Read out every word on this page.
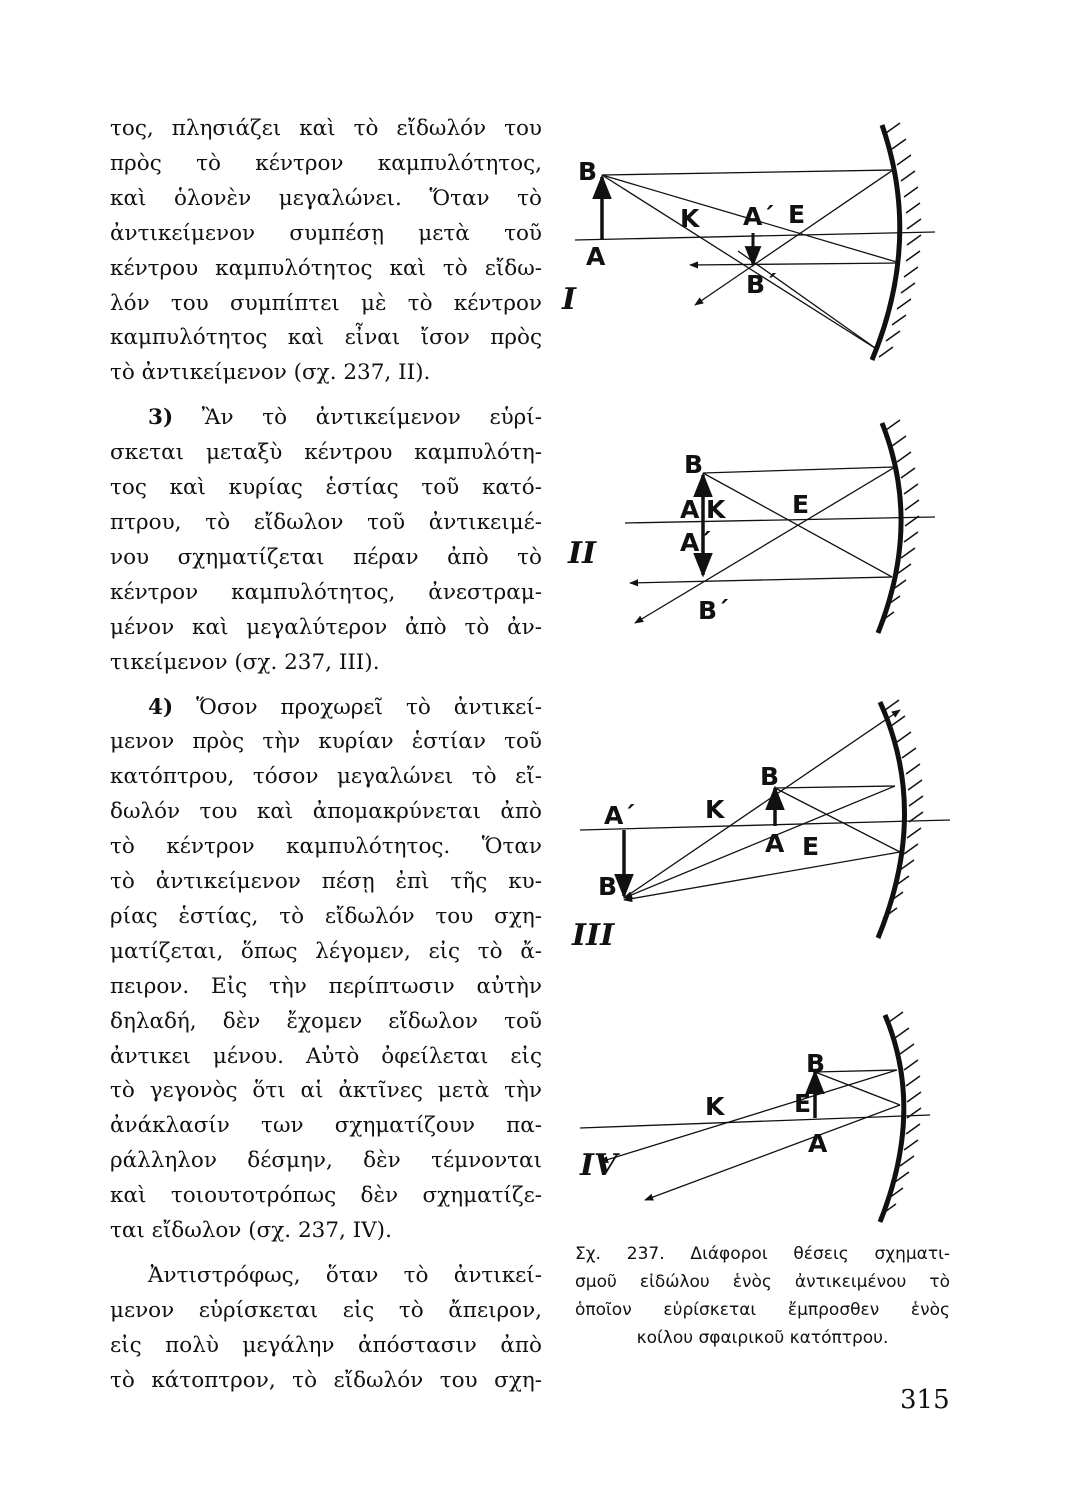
τος, πλησιάζει καὶ τὸ εἴδωλόν του

πρὸς τὸ κέντρον καμπυλότητος,

καὶ ὁλονὲν μεγαλώνει. Ὅταν τὸ

ἀντικείμενον συμπέσῃ μετὰ τοῦ

κέντρου καμπυλότητος καὶ τὸ εἴδω-

λόν του συμπίπτει μὲ τὸ κέντρον

καμπυλότητος καὶ εἶναι ἴσον πρὸς

τὸ ἀντικείμενον (σχ. 237, II).

3) Ἂν τὸ ἀντικείμενον εὑρί-

σκεται μεταξὺ κέντρου καμπυλότη-

τος καὶ κυρίας ἑστίας τοῦ κατό-

πτρου, τὸ εἴδωλον τοῦ ἀντικειμέ-

νου σχηματίζεται πέραν ἀπὸ τὸ

κέντρον καμπυλότητος, ἀνεστραμ-

μένον καὶ μεγαλύτερον ἀπὸ τὸ ἀν-

τικείμενον (σχ. 237, III).

4) Ὅσον προχωρεῖ τὸ ἀντικεί-

μενον πρὸς τὴν κυρίαν ἑστίαν τοῦ

κατόπτρου, τόσον μεγαλώνει τὸ εἴ-

δωλόν του καὶ ἀπομακρύνεται ἀπὸ

τὸ κέντρον καμπυλότητος. Ὅταν

τὸ ἀντικείμενον πέσῃ ἐπὶ τῆς κυ-

ρίας ἑστίας, τὸ εἴδωλόν του σχη-

ματίζεται, ὅπως λέγομεν, εἰς τὸ ἄ-

πειρον. Εἰς τὴν περίπτωσιν αὐτὴν

δηλαδή, δὲν ἔχομεν εἴδωλον τοῦ

ἀντικει μένου. Αὐτὸ ὀφείλεται εἰς

τὸ γεγονὸς ὅτι αἱ ἀκτῖνες μετὰ τὴν

ἀνάκλασίν των σχηματίζουν πα-

ράλληλον δέσμην, δὲν τέμνονται

καὶ τοιουτοτρόπως δὲν σχηματίζε-

ται εἴδωλον (σχ. 237, IV).

Ἀντιστρόφως, ὅταν τὸ ἀντικεί-

μενον εὑρίσκεται εἰς τὸ ἄπειρον,

εἰς πολὺ μεγάλην ἀπόστασιν ἀπὸ

τὸ κάτοπτρον, τὸ εἴδωλόν του σχη-

B
A
K A΄ E
B΄
I
B
A K
A΄
E
B΄
II
A΄	K
B
B΄
A E
III
B
K	E
A
IV
Σχ. 237. Διάφοροι θέσεις σχηματι-
σμοῦ εἰδώλου ἑνὸς ἀντικειμένου τὸ
ὁποῖον εὑρίσκεται ἔμπροσθεν ἑνὸς
κοίλου σφαιρικοῦ κατόπτρου.
315
